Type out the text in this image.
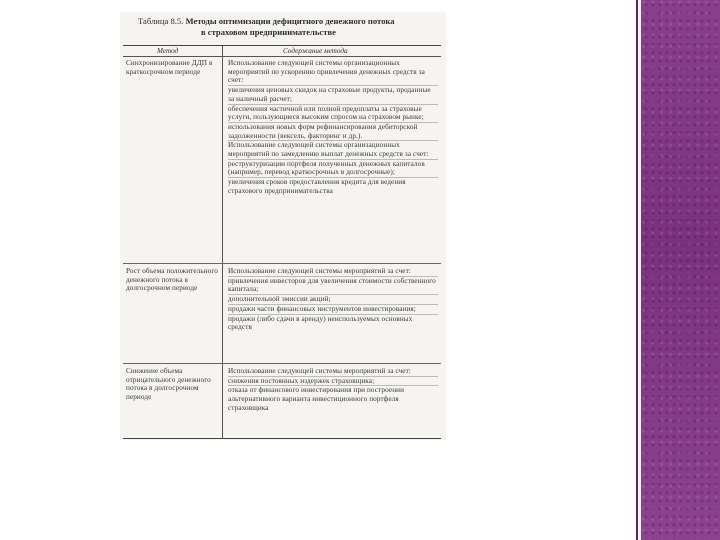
Таблица 8.5. Методы оптимизации дефицитного денежного потока
в страховом предпринимательстве
Метод	Содержание метода
Синхронизирование ДДП в краткосрочном периоде
Использование следующей системы организационных мероприятий по ускорению привлечения денежных средств за счет:
увеличения ценовых скидок на страховые продукты, проданные за наличный расчет;
обеспечения частичной или полной предоплаты за страховые услуги, пользующиеся высоким спросом на страховом рынке;
использования новых форм рефинансирования дебиторской задолженности (вексель, факторинг и др.).
Использование следующей системы организационных мероприятий по замедлению выплат денежных средств за счет:
реструктуризации портфеля полученных денежных капиталов (например, перевод краткосрочных в долгосрочные);
увеличения сроков предоставления кредита для ведения страхового предпринимательства
Рост объема положительного денежного потока в долгосрочном периоде
Использование следующей системы мероприятий за счет:
привлечения инвесторов для увеличения стоимости собственного капитала;
дополнительной эмиссии акций;
продажи части финансовых инструментов инвестирования;
продажи (либо сдачи в аренду) неиспользуемых основных средств
Снижение объема отрицательного денежного потока в долгосрочном периоде
Использование следующей системы мероприятий за счет:
снижения постоянных издержек страховщика;
отказа от финансового инвестирования при построении альтернативного варианта инвестиционного портфеля страховщика
